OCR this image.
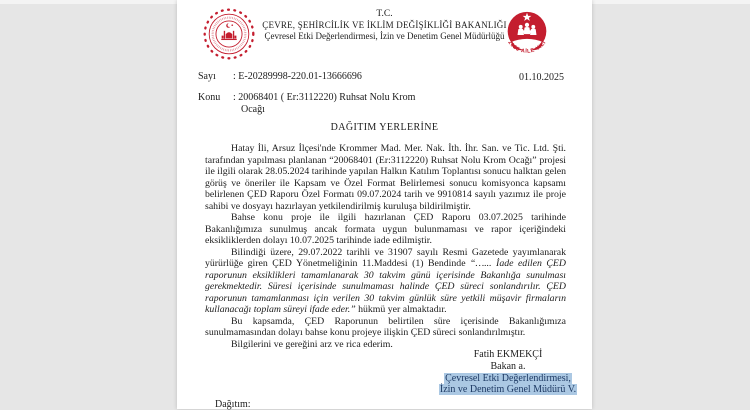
2025 AİLE YILI
T.C.
ÇEVRE, ŞEHİRCİLİK VE İKLİM DEĞİŞİKLİĞİ BAKANLIĞI
Çevresel Etki Değerlendirmesi, İzin ve Denetim Genel Müdürlüğü
Sayı	: E-20289998-220.01-13666696
Konu	: 20068401 ( Er:3112220) Ruhsat Nolu Krom
Ocağı
01.10.2025
DAĞITIM YERLERİNE

Hatay İli, Arsuz İlçesi'nde Krommer Mad. Mer. Nak. İth. İhr. San. ve Tic. Ltd. Şti. tarafından yapılması planlanan “20068401 (Er:3112220) Ruhsat Nolu Krom Ocağı” projesi ile ilgili olarak 28.05.2024 tarihinde yapılan Halkın Katılım Toplantısı sonucu halktan gelen görüş ve öneriler ile Kapsam ve Özel Format Belirlemesi sonucu komisyonca kapsamı belirlenen ÇED Raporu Özel Formatı 09.07.2024 tarih ve 9910814 sayılı yazımız ile proje sahibi ve dosyayı hazırlayan yetkilendirilmiş kuruluşa bildirilmiştir.

Bahse konu proje ile ilgili hazırlanan ÇED Raporu 03.07.2025 tarihinde Bakanlığımıza sunulmuş ancak formata uygun bulunmaması ve rapor içeriğindeki eksikliklerden dolayı 10.07.2025 tarihinde iade edilmiştir.

Bilindiği üzere, 29.07.2022 tarihli ve 31907 sayılı Resmi Gazetede yayımlanarak yürürlüğe giren ÇED Yönetmeliğinin 11.Maddesi (1) Bendinde “…... İade edilen ÇED raporunun eksiklikleri tamamlanarak 30 takvim günü içerisinde Bakanlığa sunulması gerekmektedir. Süresi içerisinde sunulmaması halinde ÇED süreci sonlandırılır. ÇED raporunun tamamlanması için verilen 30 takvim günlük süre yetkili müşavir firmaların kullanacağı toplam süreyi ifade eder.” hükmü yer almaktadır.

Bu kapsamda, ÇED Raporunun belirtilen süre içerisinde Bakanlığımıza sunulmamasından dolayı bahse konu projeye ilişkin ÇED süreci sonlandırılmıştır.

Bilgilerini ve gereğini arz ve rica ederim.

Fatih EKMEKÇİ
Bakan a.
Çevresel Etki Değerlendirmesi,
İzin ve Denetim Genel Müdürü V.
Dağıtım:
